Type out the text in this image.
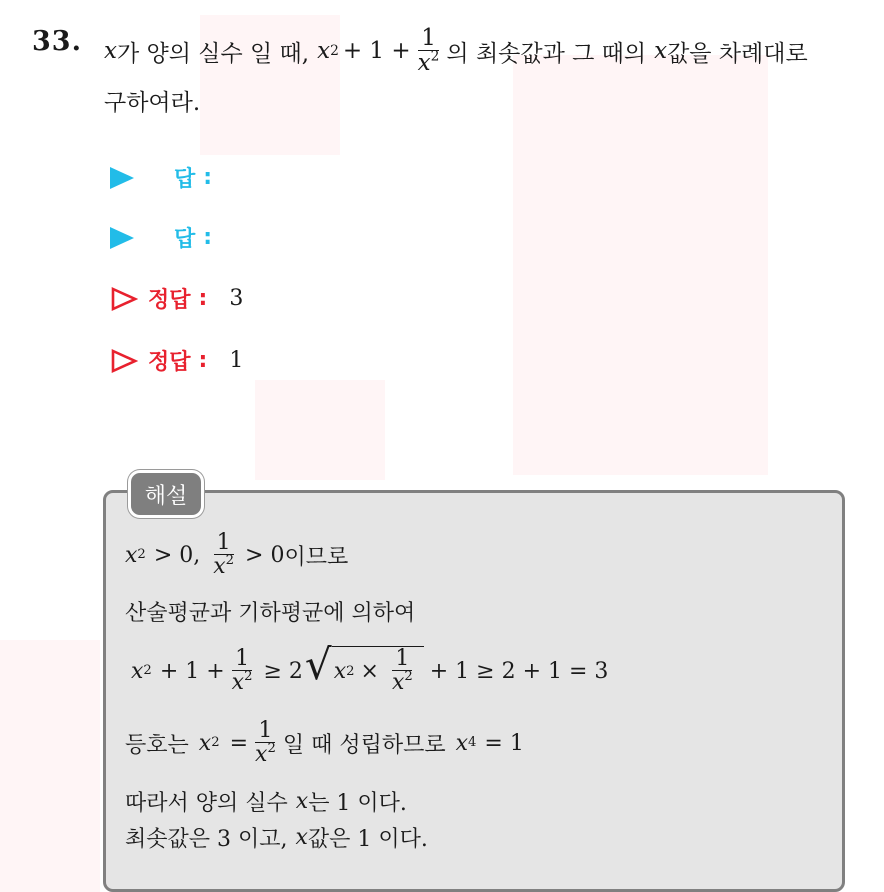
33. x 가 양의 실수 일 때, x $2 + 1 + \frac{1}{x^2}$ 의 최솟값과 그 때의 x 값을 차례대로
구하여라.
답 :
답 :
정답 : 3
정답 : 1
해설
x 2 > 0, $\frac{1}{x^2} > 0$ 이므로
산술평균과 기하평균에 의하여
x $2 + 1 + \frac{1}{x^2} \ge 2$ √ x $2 \times \frac{1}{x^2} + 1 \ge 2 + 1 = 3$
등호는 x $2 = \frac{1}{x^2}$ 일 때 성립하므로 x 4 = 1
따라서 양의 실수 x 는 1 이다.
최솟값은 3 이고, x 값은 1 이다.
